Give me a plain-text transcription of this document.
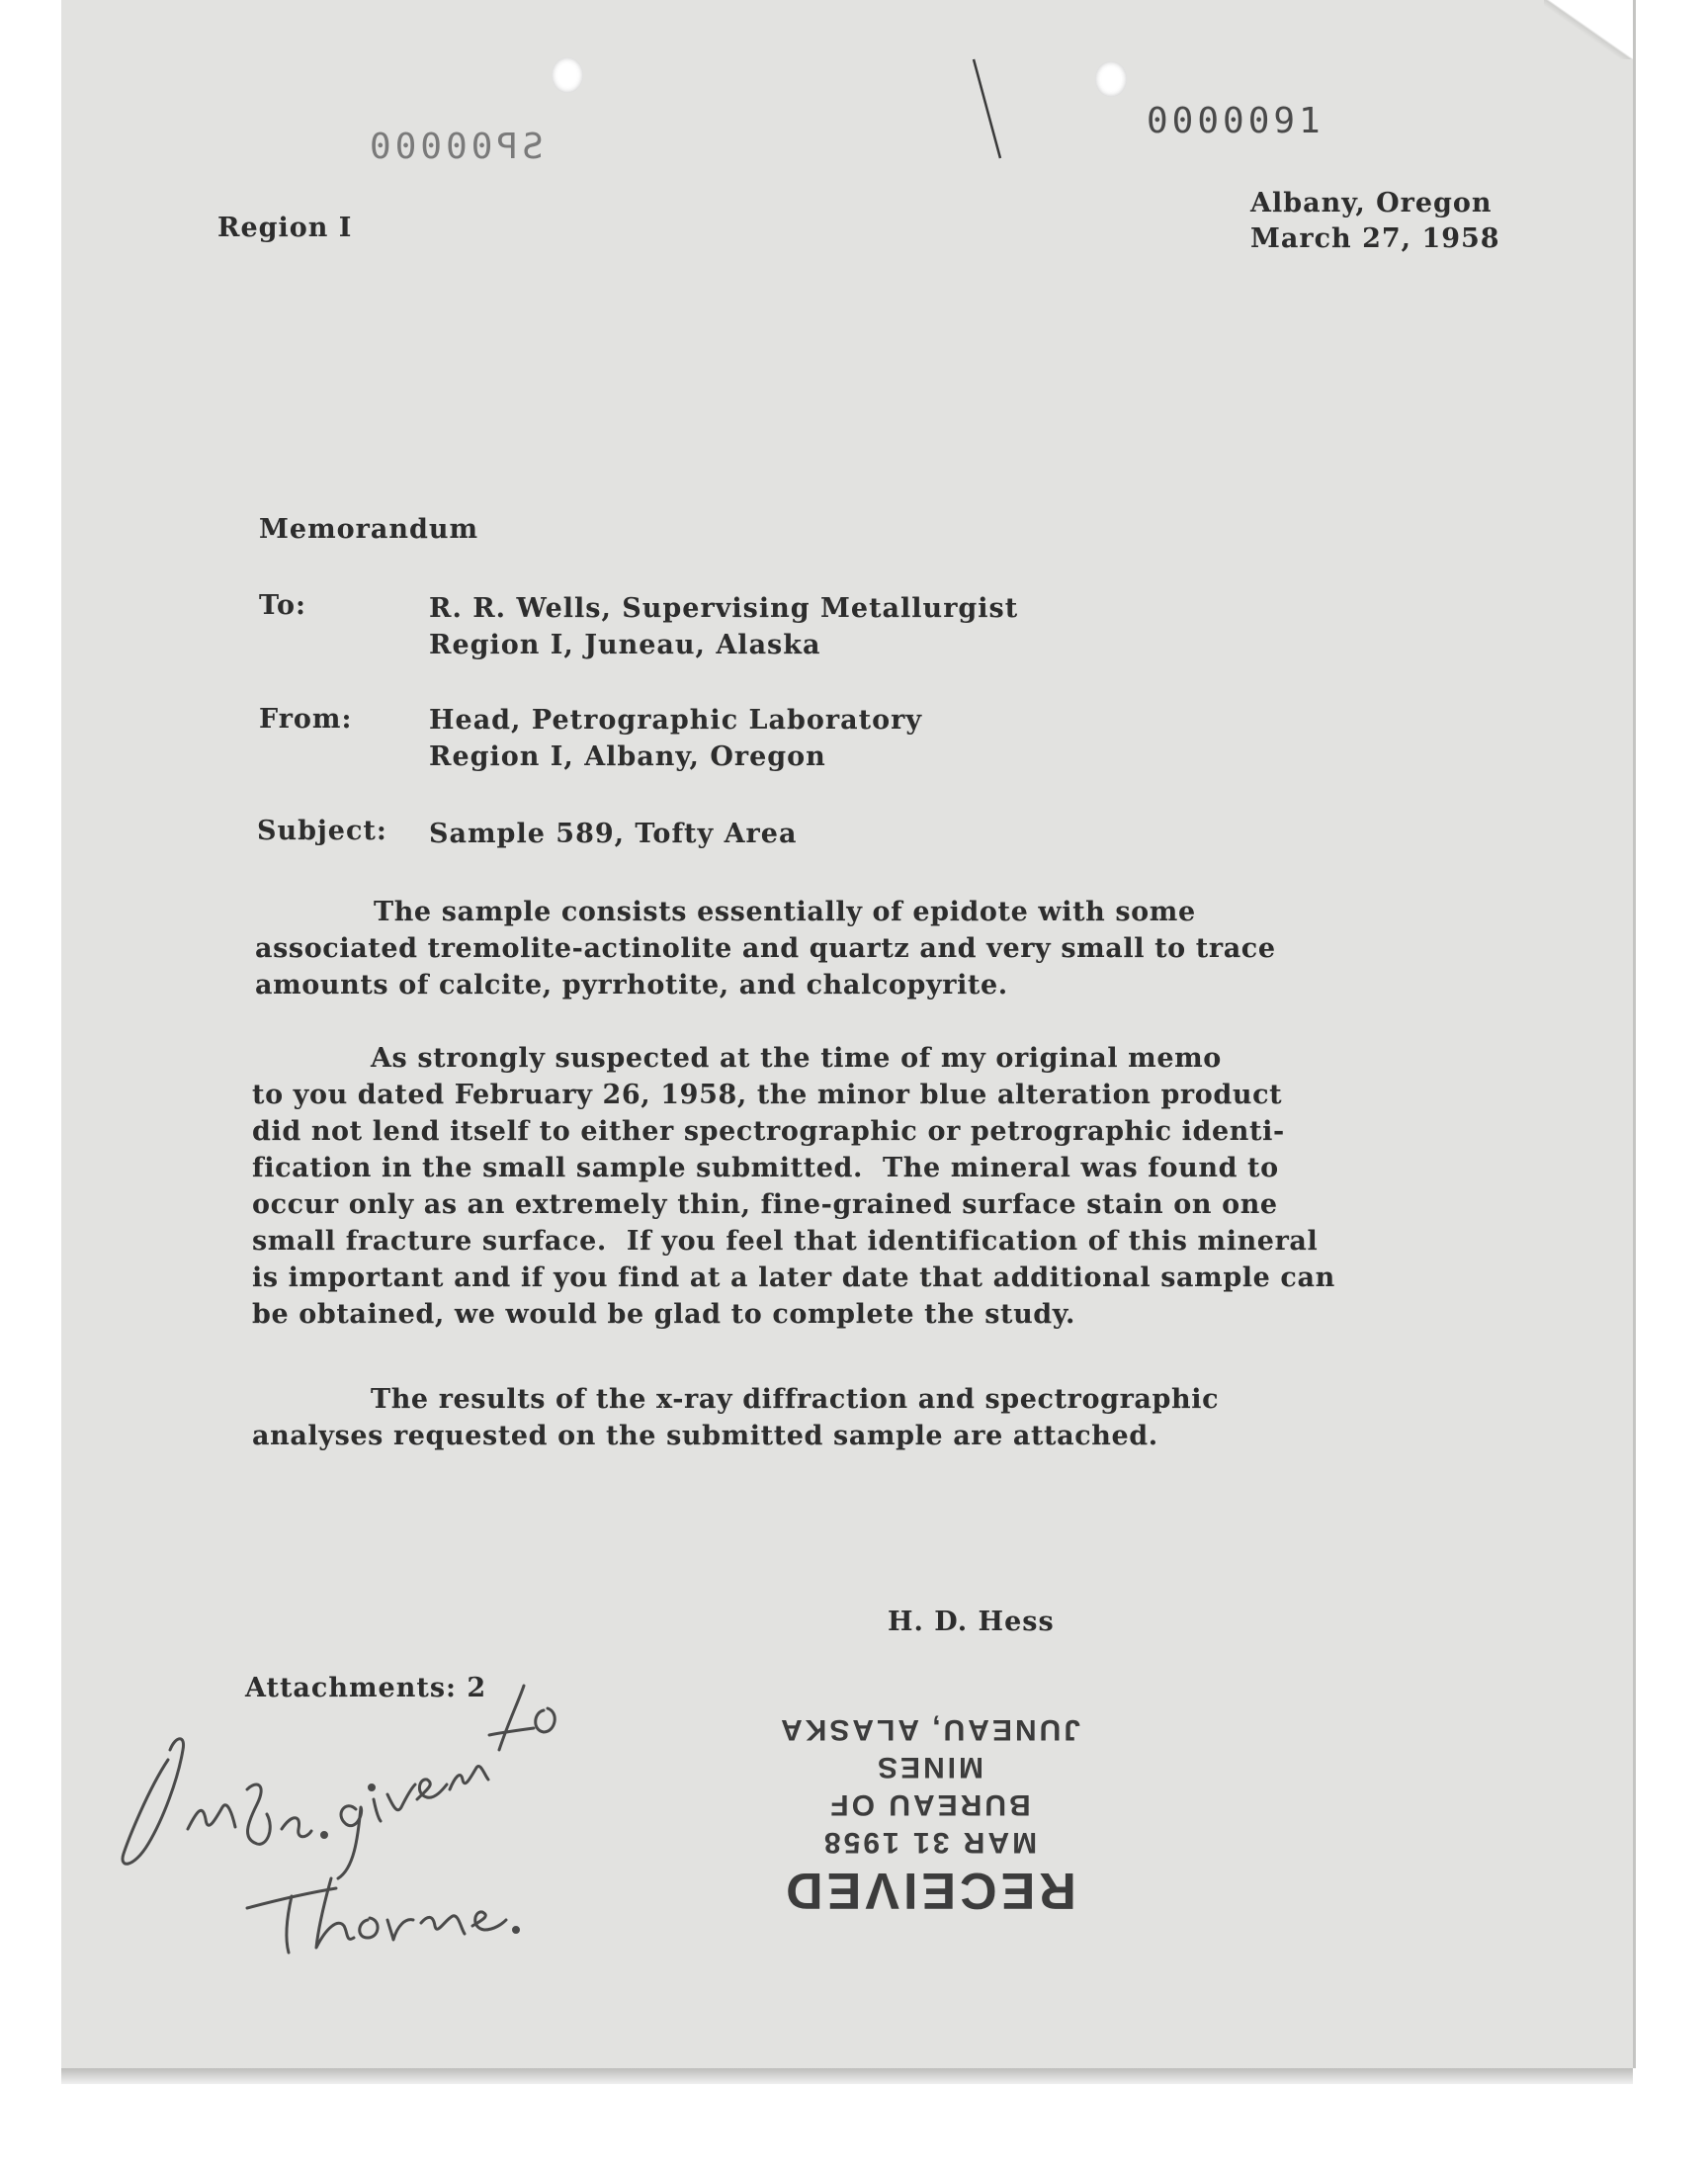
SP00000
0000091
Region I
Albany, Oregon
March 27, 1958
Memorandum
To:	R. R. Wells, Supervising Metallurgist
Region I, Juneau, Alaska
From:	Head, Petrographic Laboratory
Region I, Albany, Oregon
Subject: Sample 589, Tofty Area
The sample consists essentially of epidote with some
associated tremolite-actinolite and quartz and very small to trace
amounts of calcite, pyrrhotite, and chalcopyrite.
As strongly suspected at the time of my original memo
to you dated February 26, 1958, the minor blue alteration product
did not lend itself to either spectrographic or petrographic identi-
fication in the small sample submitted.  The mineral was found to
occur only as an extremely thin, fine-grained surface stain on one
small fracture surface.  If you feel that identification of this mineral
is important and if you find at a later date that additional sample can
be obtained, we would be glad to complete the study.
The results of the x-ray diffraction and spectrographic
analyses requested on the submitted sample are attached.
H. D. Hess
Attachments: 2
RECEIVED
MAR 31 1958
BUREAU OF MINES
JUNEAU, ALASKA
